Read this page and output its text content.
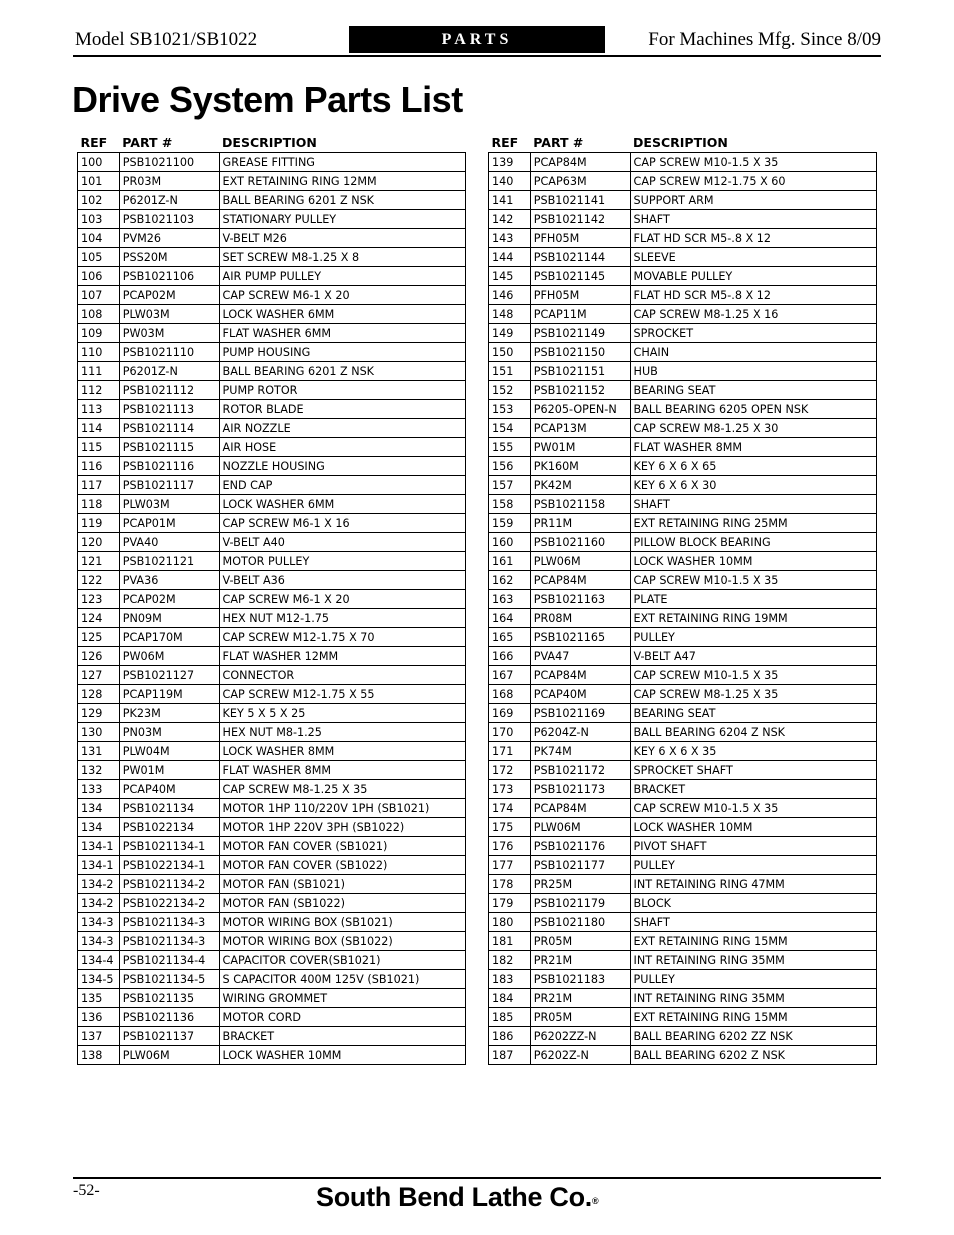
Model SB1021/SB1022	PARTS	For Machines Mfg. Since 8/09
Drive System Parts List
REF	PART #	DESCRIPTION
100	PSB1021100	GREASE FITTING
101	PR03M	EXT RETAINING RING 12MM
102	P6201Z-N	BALL BEARING 6201 Z NSK
103	PSB1021103	STATIONARY PULLEY
104	PVM26	V-BELT M26
105	PSS20M	SET SCREW M8-1.25 X 8
106	PSB1021106	AIR PUMP PULLEY
107	PCAP02M	CAP SCREW M6-1 X 20
108	PLW03M	LOCK WASHER 6MM
109	PW03M	FLAT WASHER 6MM
110	PSB1021110	PUMP HOUSING
111	P6201Z-N	BALL BEARING 6201 Z NSK
112	PSB1021112	PUMP ROTOR
113	PSB1021113	ROTOR BLADE
114	PSB1021114	AIR NOZZLE
115	PSB1021115	AIR HOSE
116	PSB1021116	NOZZLE HOUSING
117	PSB1021117	END CAP
118	PLW03M	LOCK WASHER 6MM
119	PCAP01M	CAP SCREW M6-1 X 16
120	PVA40	V-BELT A40
121	PSB1021121	MOTOR PULLEY
122	PVA36	V-BELT A36
123	PCAP02M	CAP SCREW M6-1 X 20
124	PN09M	HEX NUT M12-1.75
125	PCAP170M	CAP SCREW M12-1.75 X 70
126	PW06M	FLAT WASHER 12MM
127	PSB1021127	CONNECTOR
128	PCAP119M	CAP SCREW M12-1.75 X 55
129	PK23M	KEY 5 X 5 X 25
130	PN03M	HEX NUT M8-1.25
131	PLW04M	LOCK WASHER 8MM
132	PW01M	FLAT WASHER 8MM
133	PCAP40M	CAP SCREW M8-1.25 X 35
134	PSB1021134	MOTOR 1HP 110/220V 1PH (SB1021)
134	PSB1022134	MOTOR 1HP 220V 3PH (SB1022)
134-1	PSB1021134-1	MOTOR FAN COVER (SB1021)
134-1	PSB1022134-1	MOTOR FAN COVER (SB1022)
134-2	PSB1021134-2	MOTOR FAN (SB1021)
134-2	PSB1022134-2	MOTOR FAN (SB1022)
134-3	PSB1021134-3	MOTOR WIRING BOX (SB1021)
134-3	PSB1021134-3	MOTOR WIRING BOX (SB1022)
134-4	PSB1021134-4	CAPACITOR COVER(SB1021)
134-5	PSB1021134-5	S CAPACITOR 400M 125V (SB1021)
135	PSB1021135	WIRING GROMMET
136	PSB1021136	MOTOR CORD
137	PSB1021137	BRACKET
138	PLW06M	LOCK WASHER 10MM
REF	PART #	DESCRIPTION
139	PCAP84M	CAP SCREW M10-1.5 X 35
140	PCAP63M	CAP SCREW M12-1.75 X 60
141	PSB1021141	SUPPORT ARM
142	PSB1021142	SHAFT
143	PFH05M	FLAT HD SCR M5-.8 X 12
144	PSB1021144	SLEEVE
145	PSB1021145	MOVABLE PULLEY
146	PFH05M	FLAT HD SCR M5-.8 X 12
148	PCAP11M	CAP SCREW M8-1.25 X 16
149	PSB1021149	SPROCKET
150	PSB1021150	CHAIN
151	PSB1021151	HUB
152	PSB1021152	BEARING SEAT
153	P6205-OPEN-N	BALL BEARING 6205 OPEN NSK
154	PCAP13M	CAP SCREW M8-1.25 X 30
155	PW01M	FLAT WASHER 8MM
156	PK160M	KEY 6 X 6 X 65
157	PK42M	KEY 6 X 6 X 30
158	PSB1021158	SHAFT
159	PR11M	EXT RETAINING RING 25MM
160	PSB1021160	PILLOW BLOCK BEARING
161	PLW06M	LOCK WASHER 10MM
162	PCAP84M	CAP SCREW M10-1.5 X 35
163	PSB1021163	PLATE
164	PR08M	EXT RETAINING RING 19MM
165	PSB1021165	PULLEY
166	PVA47	V-BELT A47
167	PCAP84M	CAP SCREW M10-1.5 X 35
168	PCAP40M	CAP SCREW M8-1.25 X 35
169	PSB1021169	BEARING SEAT
170	P6204Z-N	BALL BEARING 6204 Z NSK
171	PK74M	KEY 6 X 6 X 35
172	PSB1021172	SPROCKET SHAFT
173	PSB1021173	BRACKET
174	PCAP84M	CAP SCREW M10-1.5 X 35
175	PLW06M	LOCK WASHER 10MM
176	PSB1021176	PIVOT SHAFT
177	PSB1021177	PULLEY
178	PR25M	INT RETAINING RING 47MM
179	PSB1021179	BLOCK
180	PSB1021180	SHAFT
181	PR05M	EXT RETAINING RING 15MM
182	PR21M	INT RETAINING RING 35MM
183	PSB1021183	PULLEY
184	PR21M	INT RETAINING RING 35MM
185	PR05M	EXT RETAINING RING 15MM
186	P6202ZZ-N	BALL BEARING 6202 ZZ NSK
187	P6202Z-N	BALL BEARING 6202 Z NSK
-52-	South Bend Lathe Co.®
